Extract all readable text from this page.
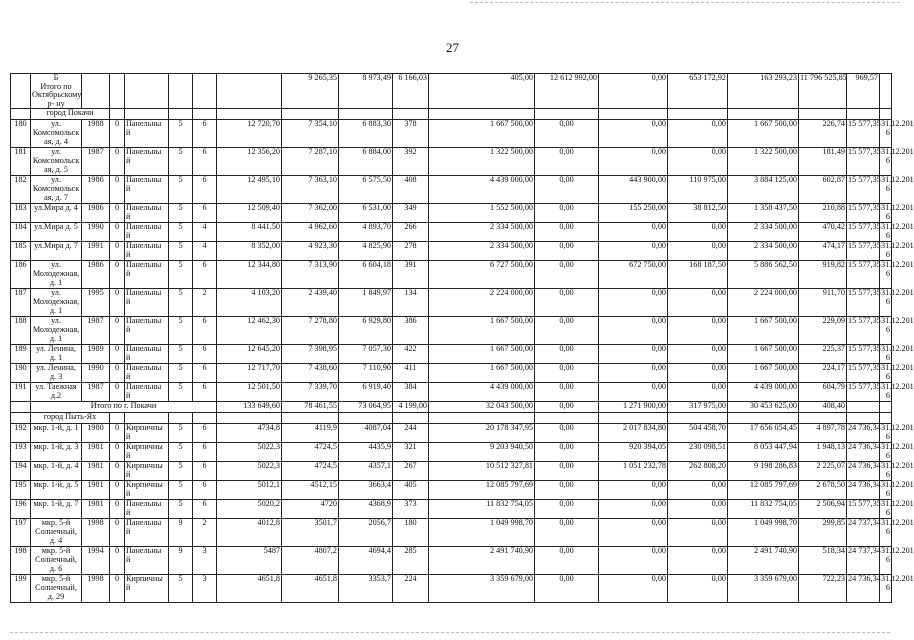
27

	Б
Итого по
Октябрьскому р- ну							9 265,35	8 973,49	6 166,03	405,00	12 612 992,00	0,00	653 172,92	163 293,23	11 796 525,85	969,57		
	город Покачи																		
180	ул. Комсомольск ая, д. 4	1988	0	Панельны й	5	6	12 720,70	7 354,10	6 883,30	378	1 667 500,00	0,00	0,00	0,00	1 667 500,00	226,74	15 577,35	31.12.201 6	
181	ул. Комсомольск ая, д. 5	1987	0	Панельны й	5	6	12 356,20	7 287,10	6 884,00	392	1 322 500,00	0,00	0,00	0,00	1 322 500,00	181,49	15 577,35	31.12.201 6	
182	ул. Комсомольск ая, д. 7	1986	0	Панельны й	5	6	12 495,10	7 363,10	6 575,50	408	4 439 000,00	0,00	443 900,00	110 975,00	3 884 125,00	602,87	15 577,35	31.12.201 6	
183	ул.Мира д. 4	1986	0	Панельны й	5	6	12 509,40	7 362,00	6 531,00	349	1 552 500,00	0,00	155 250,00	38 812,50	1 358 437,50	210,88	15 577,35	31.12.201 6	
184	ул.Мира д. 5	1990	0	Панельны й	5	4	8 441,50	4 962,60	4 893,70	266	2 334 500,00	0,00	0,00	0,00	2 334 500,00	470,42	15 577,35	31.12.201 6	
185	ул.Мира д. 7	1991	0	Панельны й	5	4	8 352,00	4 923,30	4 825,90	278	2 334 500,00	0,00	0,00	0,00	2 334 500,00	474,17	15 577,35	31.12.201 6	
186	ул. Молодежная, д. 1	1986	0	Панельны й	5	6	12 344,80	7 313,90	6 604,18	391	6 727 500,00	0,00	672 750,00	168 187,50	5 886 562,50	919,82	15 577,35	31.12.201 6	
187	ул. Молодежная, д. 1	1995	0	Панельны й	5	2	4 103,20	2 439,40	1 849,97	134	2 224 000,00	0,00	0,00	0,00	2 224 000,00	911,70	15 577,35	31.12.201 6	
188	ул. Молодежная, д. 1	1987	0	Панельны й	5	6	12 462,30	7 278,80	6 929,80	386	1 667 500,00	0,00	0,00	0,00	1 667 500,00	229,09	15 577,35	31.12.201 6	
189	ул. Ленина, д. 1	1989	0	Панельны й	5	6	12 645,20	7 398,95	7 057,30	422	1 667 500,00	0,00	0,00	0,00	1 667 500,00	225,37	15 577,35	31.12.201 6	
190	ул. Ленина, д. 3	1990	0	Панельны й	5	6	12 717,70	7 438,60	7 110,90	411	1 667 500,00	0,00	0,00	0,00	1 667 500,00	224,17	15 577,35	31.12.201 6	
191	ул. Таежная д.2	1987	0	Панельны й	5	6	12 501,50	7 339,70	6 919,40	384	4 439 000,00	0,00	0,00	0,00	4 439 000,00	604,79	15 577,35	31.12.201 6	
	Итого по г. Покачи						133 649,60	78 461,55	73 064,95	4 199,00	32 043 500,00	0,00	1 271 900,00	317 975,00	30 453 625,00	408,40			
	город Пыть-Ях																		
192	мкр. 1-й, д. 1	1980	0	Кирпичны й	5	6	4734,8	4119,9	4087,04	244	20 178 347,95	0,00	2 017 834,80	504 458,70	17 656 054,45	4 897,78	24 736,34	31.12.201 6	
193	мкр. 1-й, д. 3	1981	0	Кирпичны й	5	6	5022,3	4724,5	4435,9	321	9 203 940,50	0,00	920 394,05	230 098,51	8 053 447,94	1 948,13	24 736,34	31.12.201 6	
194	мкр. 1-й, д. 4	1981	0	Кирпичны й	5	6	5022,3	4724,5	4357,1	267	10 512 327,81	0,00	1 051 232,78	262 808,20	9 198 286,83	2 225,07	24 736,34	31.12.201 6	
195	мкр. 1-й, д. 5	1981	0	Кирпичны й	5	6	5012,1	4512,15	3663,4	405	12 085 797,69	0,00	0,00	0,00	12 085 797,69	2 678,50	24 736,34	31.12.201 6	
196	мкр. 1-й, д. 7	1981	0	Панельны й	5	6	5020,2	4720	4368,9	373	11 832 754,05	0,00	0,00	0,00	11 832 754,05	2 506,94	15 577,35	31.12.201 6	
197	мкр. 5-й Солнечный, д. 4	1998	0	Панельны й	9	2	4012,8	3501,7	2056,7	180	1 049 998,70	0,00	0,00	0,00	1 049 998,70	299,85	24 737,34	31.12.201 6	
198	мкр. 5-й Солнечный, д. 6	1994	0	Панельны й	9	3	5487	4807,2	4694,4	285	2 491 740,90	0,00	0,00	0,00	2 491 740,90	518,34	24 737,34	31.12.201 6	
199	мкр. 5-й Солнечный, д. 29	1998	0	Кирпичны й	5	3	4651,8	4651,8	3353,7	224	3 359 679,00	0,00	0,00	0,00	3 359 679,00	722,23	24 736,34	31.12.201 6	
